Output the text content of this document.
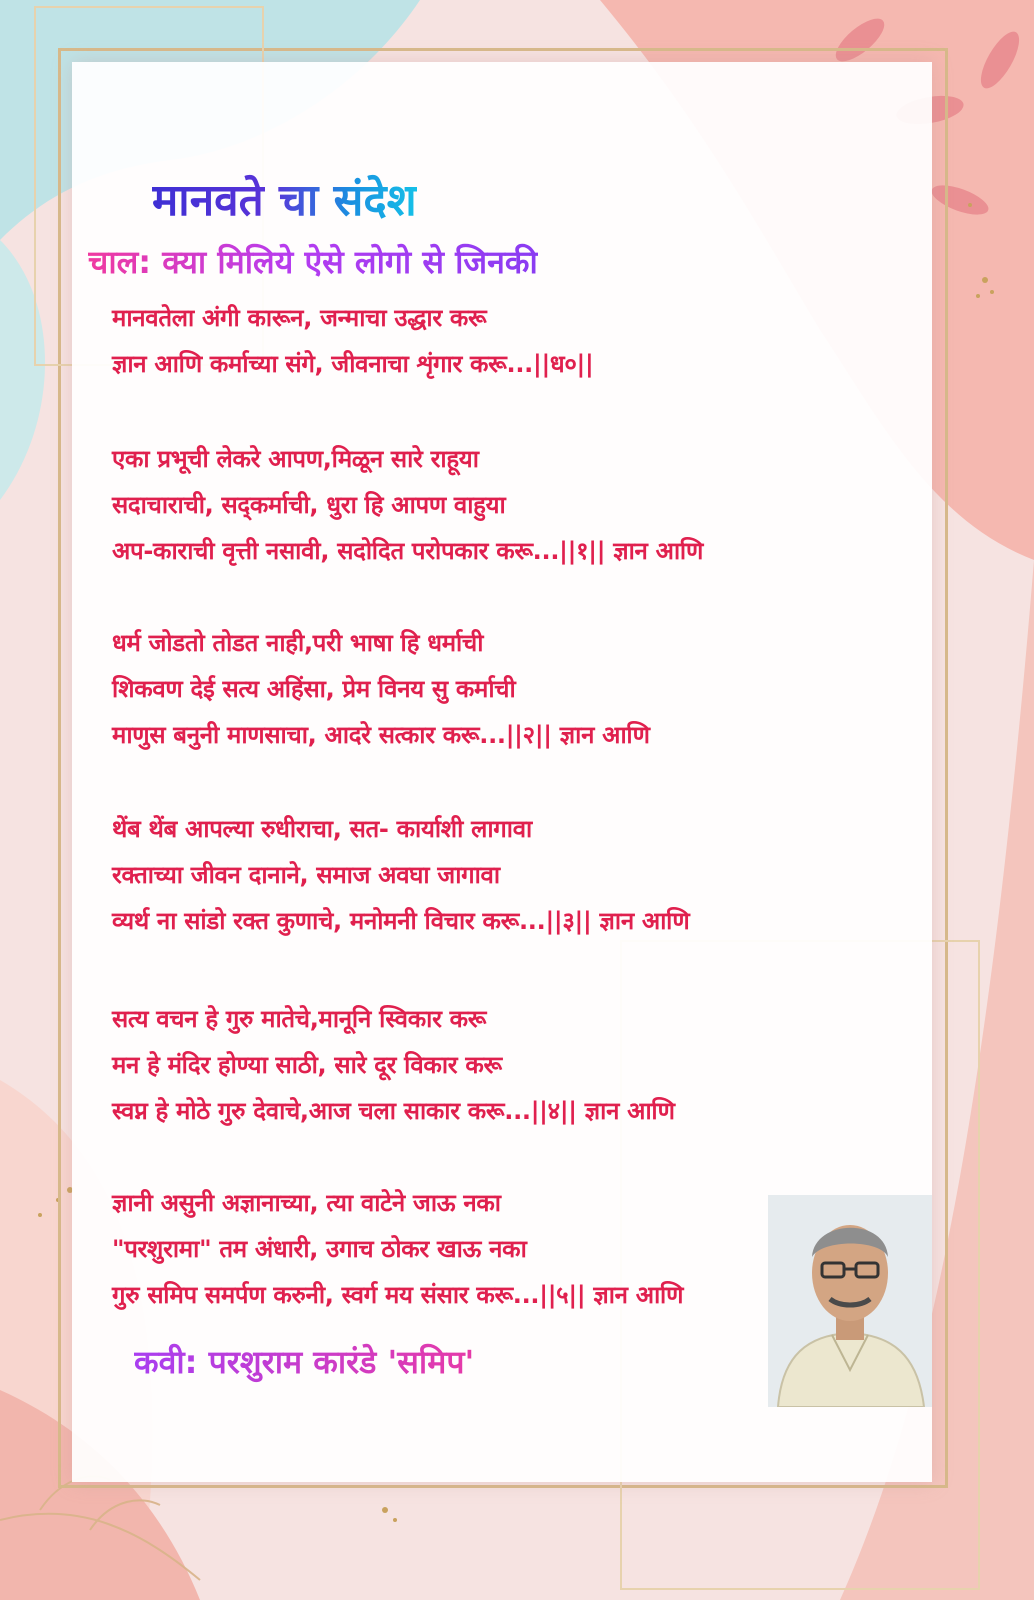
मानवते चा संदेश
चाल: क्या मिलिये ऐसे लोगो से जिनकी
मानवतेला अंगी कारून, जन्माचा उद्धार करू
ज्ञान आणि कर्माच्या संगे, जीवनाचा शृंगार करू...||ध०||
एका प्रभूची लेकरे आपण,मिळून सारे राहूया
सदाचाराची, सद्कर्माची, धुरा हि आपण वाहुया
अप-काराची वृत्ती नसावी, सदोदित परोपकार करू...||१|| ज्ञान आणि
धर्म जोडतो तोडत नाही,परी भाषा हि धर्माची
शिकवण देई सत्य अहिंसा, प्रेम विनय सु कर्माची
माणुस बनुनी माणसाचा, आदरे सत्कार करू...||२|| ज्ञान आणि
थेंब थेंब आपल्या रुधीराचा, सत- कार्याशी लागावा
रक्ताच्या जीवन दानाने, समाज अवघा जागावा
व्यर्थ ना सांडो रक्त कुणाचे, मनोमनी विचार करू...||३|| ज्ञान आणि
सत्य वचन हे गुरु मातेचे,मानूनि स्विकार करू
मन हे मंदिर होण्या साठी, सारे दूर विकार करू
स्वप्न हे मोठे गुरु देवाचे,आज चला साकार करू...||४|| ज्ञान आणि
ज्ञानी असुनी अज्ञानाच्या, त्या वाटेने जाऊ नका
"परशुरामा" तम अंधारी, उगाच ठोकर खाऊ नका
गुरु समिप समर्पण करुनी, स्वर्ग मय संसार करू...||५|| ज्ञान आणि

कवी: परशुराम कारंडे 'समिप'
